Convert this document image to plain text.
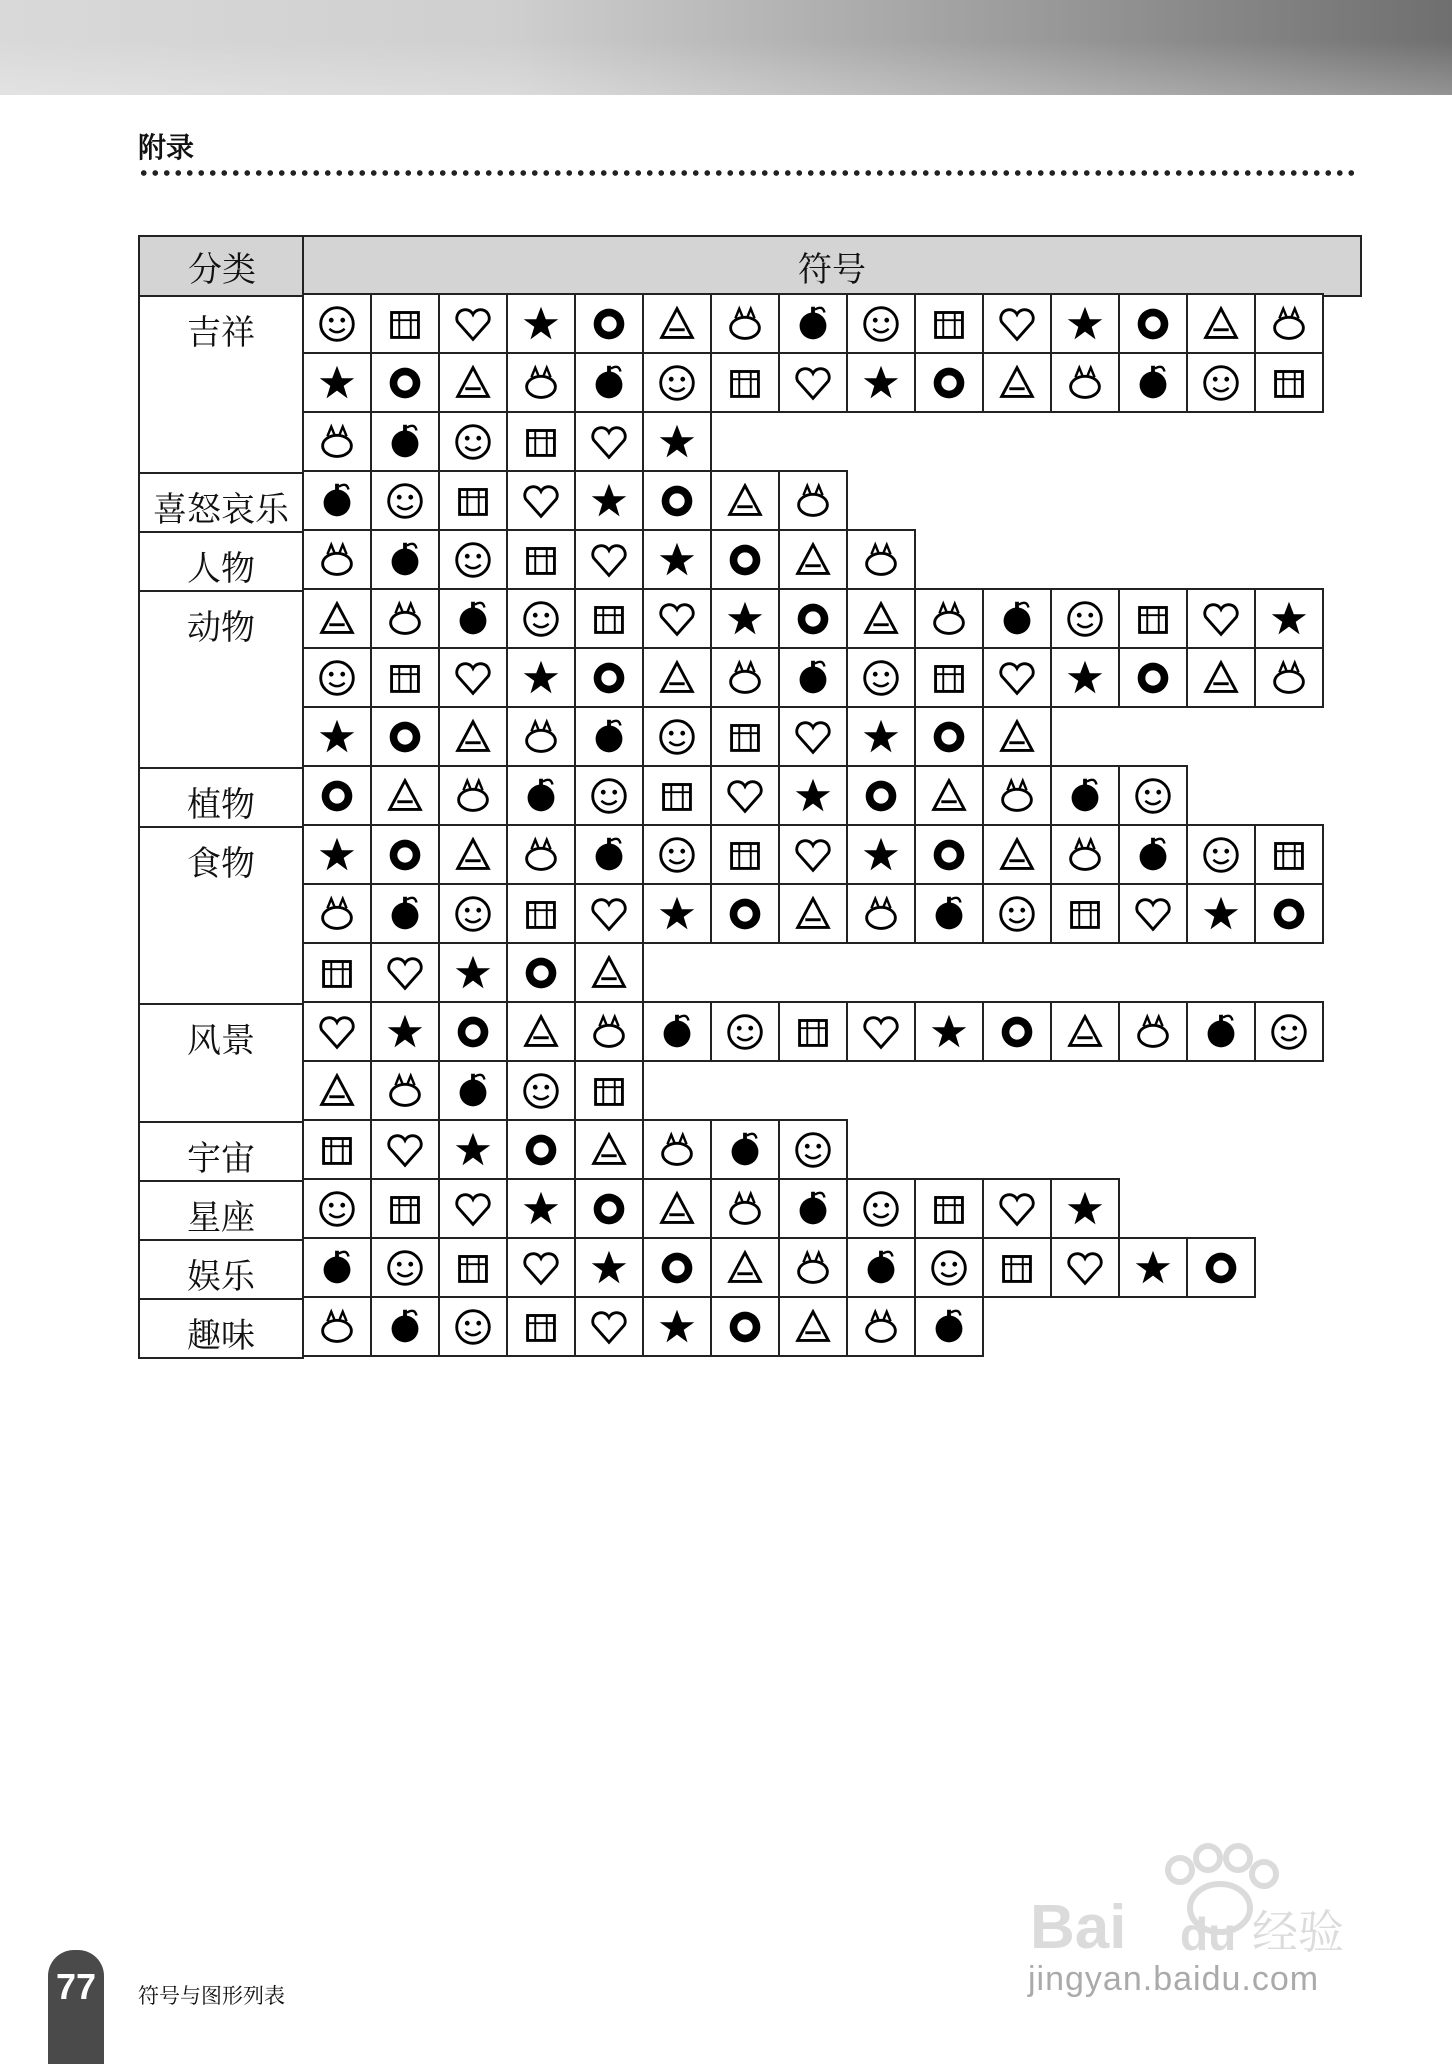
附录
分类	符号
吉祥
喜怒哀乐
人物
动物
植物
食物
风景
宇宙
星座
娱乐
趣味
77	符号与图形列表
Bai du 经验
jingyan.baidu.com
